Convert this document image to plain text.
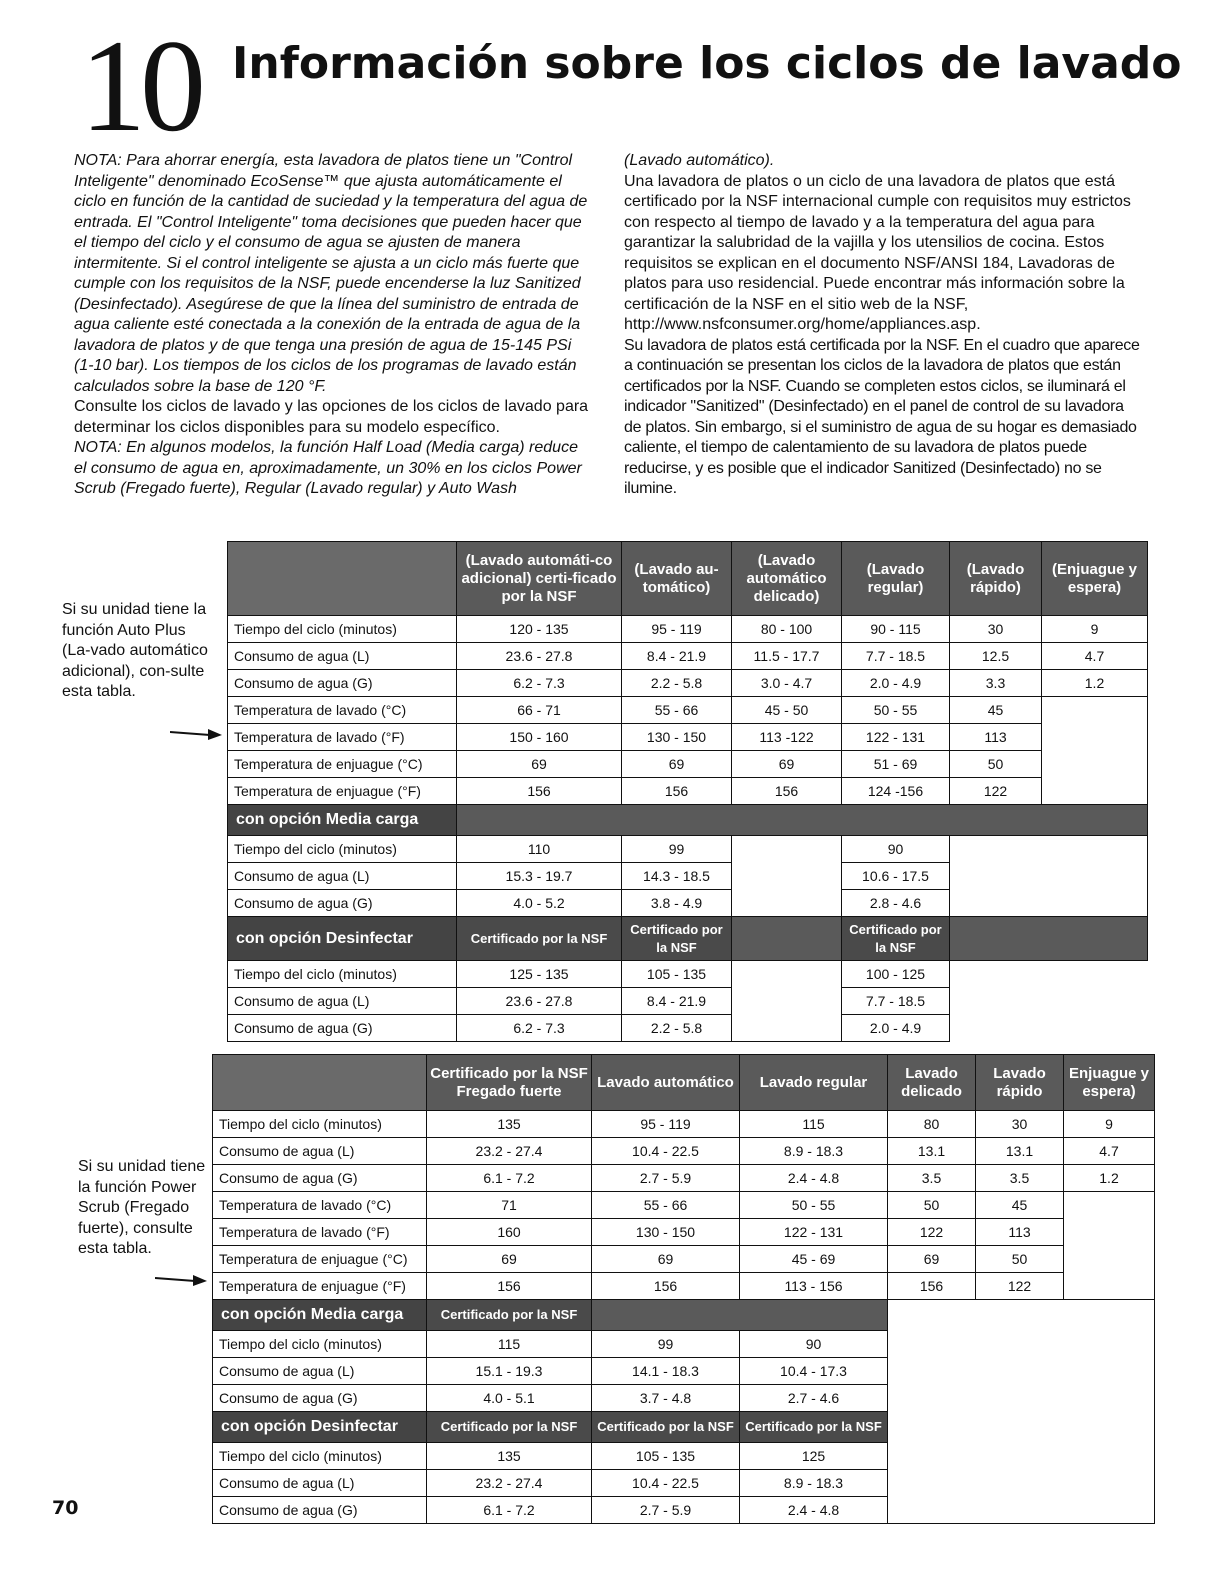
10 Información sobre los ciclos de lavado

NOTA: Para ahorrar energía, esta lavadora de platos tiene un "Control Inteligente" denominado EcoSense™ que ajusta automáticamente el ciclo en función de la cantidad de suciedad y la temperatura del agua de entrada. El "Control Inteligente" toma decisiones que pueden hacer que el tiempo del ciclo y el consumo de agua se ajusten de manera intermitente. Si el control inteligente se ajusta a un ciclo más fuerte que cumple con los requisitos de la NSF, puede encenderse la luz Sanitized (Desinfectado). Asegúrese de que la línea del suministro de entrada de agua caliente esté conectada a la conexión de la entrada de agua de la lavadora de platos y de que tenga una presión de agua de 15-145 PSi (1-10 bar). Los tiempos de los ciclos de los programas de lavado están calculados sobre la base de 120 °F.

Consulte los ciclos de lavado y las opciones de los ciclos de lavado para determinar los ciclos disponibles para su modelo específico.

NOTA: En algunos modelos, la función Half Load (Media carga) reduce el consumo de agua en, aproximadamente, un 30% en los ciclos Power Scrub (Fregado fuerte), Regular (Lavado regular) y Auto Wash

(Lavado automático).

Una lavadora de platos o un ciclo de una lavadora de platos que está certificado por la NSF internacional cumple con requisitos muy estrictos con respecto al tiempo de lavado y a la temperatura del agua para garantizar la salubridad de la vajilla y los utensilios de cocina. Estos requisitos se explican en el documento NSF/ANSI 184, Lavadoras de platos para uso residencial. Puede encontrar más información sobre la certificación de la NSF en el sitio web de la NSF, http://www.nsfconsumer.org/home/appliances.asp.

Su lavadora de platos está certificada por la NSF. En el cuadro que aparece a continuación se presentan los ciclos de la lavadora de platos que están certificados por la NSF. Cuando se completen estos ciclos, se iluminará el indicador "Sanitized" (Desinfectado) en el panel de control de su lavadora de platos. Sin embargo, si el suministro de agua de su hogar es demasiado caliente, el tiempo de calentamiento de su lavadora de platos puede reducirse, y es posible que el indicador Sanitized (Desinfectado) no se ilumine.

Si su unidad tiene la función Auto Plus (La-vado automático adicional), con-sulte esta tabla.
Si su unidad tiene la función Power Scrub (Fregado fuerte), consulte esta tabla.
	(Lavado automáti-co adicional) certi-ficado por la NSF	(Lavado au-tomático)	(Lavado automático delicado)	(Lavado regular)	(Lavado rápido)	(Enjuague y espera)
Tiempo del ciclo (minutos)	120 - 135	95 - 119	80 - 100	90 - 115	30	9
Consumo de agua (L)	23.6 - 27.8	8.4 - 21.9	11.5 - 17.7	7.7 - 18.5	12.5	4.7
Consumo de agua (G)	6.2 - 7.3	2.2 - 5.8	3.0 - 4.7	2.0 - 4.9	3.3	1.2
Temperatura de lavado (°C)	66 - 71	55 - 66	45 - 50	50 - 55	45	
Temperatura de lavado (°F)	150 - 160	130 - 150	113 -122	122 - 131	113	
Temperatura de enjuague (°C)	69	69	69	51 - 69	50	
Temperatura de enjuague (°F)	156	156	156	124 -156	122	
con opción Media carga						
Tiempo del ciclo (minutos)	110	99		90		
Consumo de agua (L)	15.3 - 19.7	14.3 - 18.5		10.6 - 17.5		
Consumo de agua (G)	4.0 - 5.2	3.8 - 4.9		2.8 - 4.6		
con opción Desinfectar	Certificado por la NSF	Certificado por la NSF		Certificado por la NSF		
Tiempo del ciclo (minutos)	125 - 135	105 - 135		100 - 125		
Consumo de agua (L)	23.6 - 27.8	8.4 - 21.9		7.7 - 18.5		
Consumo de agua (G)	6.2 - 7.3	2.2 - 5.8		2.0 - 4.9		
	Certificado por la NSF Fregado fuerte	Lavado automático	Lavado regular	Lavado delicado	Lavado rápido	Enjuague y espera)
Tiempo del ciclo (minutos)	135	95 - 119	115	80	30	9
Consumo de agua (L)	23.2 - 27.4	10.4 - 22.5	8.9 - 18.3	13.1	13.1	4.7
Consumo de agua (G)	6.1 - 7.2	2.7 - 5.9	2.4 - 4.8	3.5	3.5	1.2
Temperatura de lavado (°C)	71	55 - 66	50 - 55	50	45	
Temperatura de lavado (°F)	160	130 - 150	122 - 131	122	113	
Temperatura de enjuague (°C)	69	69	45 - 69	69	50	
Temperatura de enjuague (°F)	156	156	113 - 156	156	122	
con opción Media carga	Certificado por la NSF					
Tiempo del ciclo (minutos)	115	99	90			
Consumo de agua (L)	15.1 - 19.3	14.1 - 18.3	10.4 - 17.3			
Consumo de agua (G)	4.0 - 5.1	3.7 - 4.8	2.7 - 4.6			
con opción Desinfectar	Certificado por la NSF	Certificado por la NSF	Certificado por la NSF			
Tiempo del ciclo (minutos)	135	105 - 135	125			
Consumo de agua (L)	23.2 - 27.4	10.4 - 22.5	8.9 - 18.3			
Consumo de agua (G)	6.1 - 7.2	2.7 - 5.9	2.4 - 4.8			
70
